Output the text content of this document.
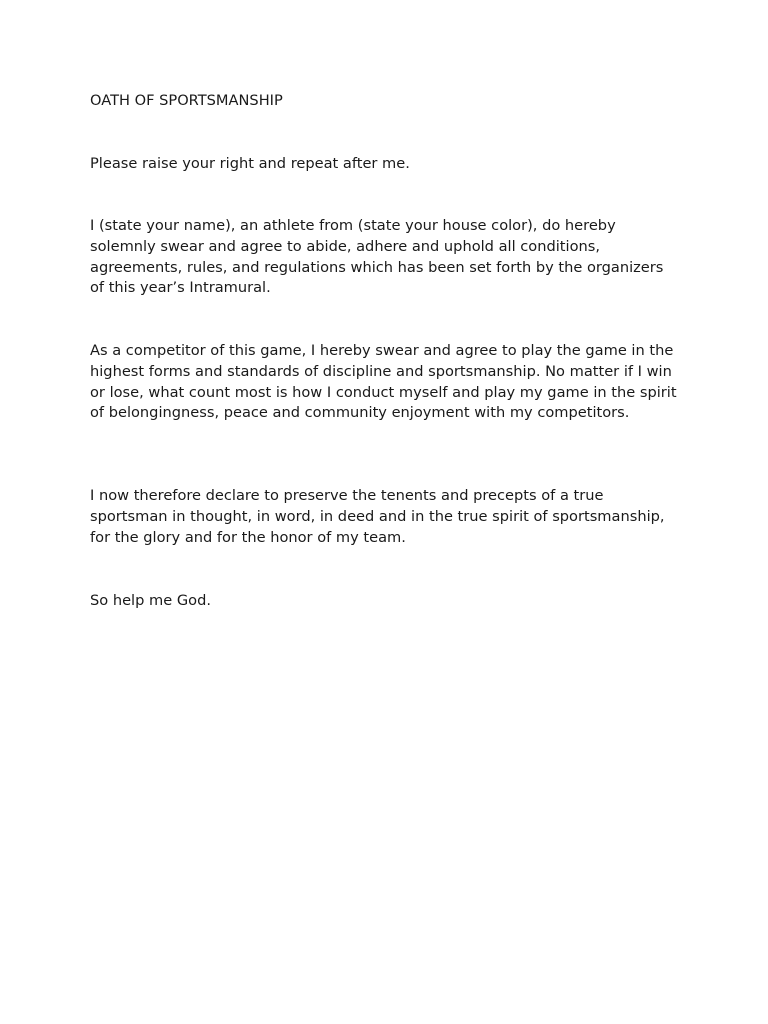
OATH OF SPORTSMANSHIP

Please raise your right and repeat after me.

I (state your name), an athlete from (state your house color), do hereby solemnly swear and agree to abide, adhere and uphold all conditions, agreements, rules, and regulations which has been set forth by the organizers of this year’s Intramural.

As a competitor of this game, I hereby swear and agree to play the game in the highest forms and standards of discipline and sportsmanship. No matter if I win or lose, what count most is how I conduct myself and play my game in the spirit of belongingness, peace and community enjoyment with my competitors.

I now therefore declare to preserve the tenents and precepts of a true sportsman in thought, in word, in deed and in the true spirit of sportsmanship, for the glory and for the honor of my team.

So help me God.
